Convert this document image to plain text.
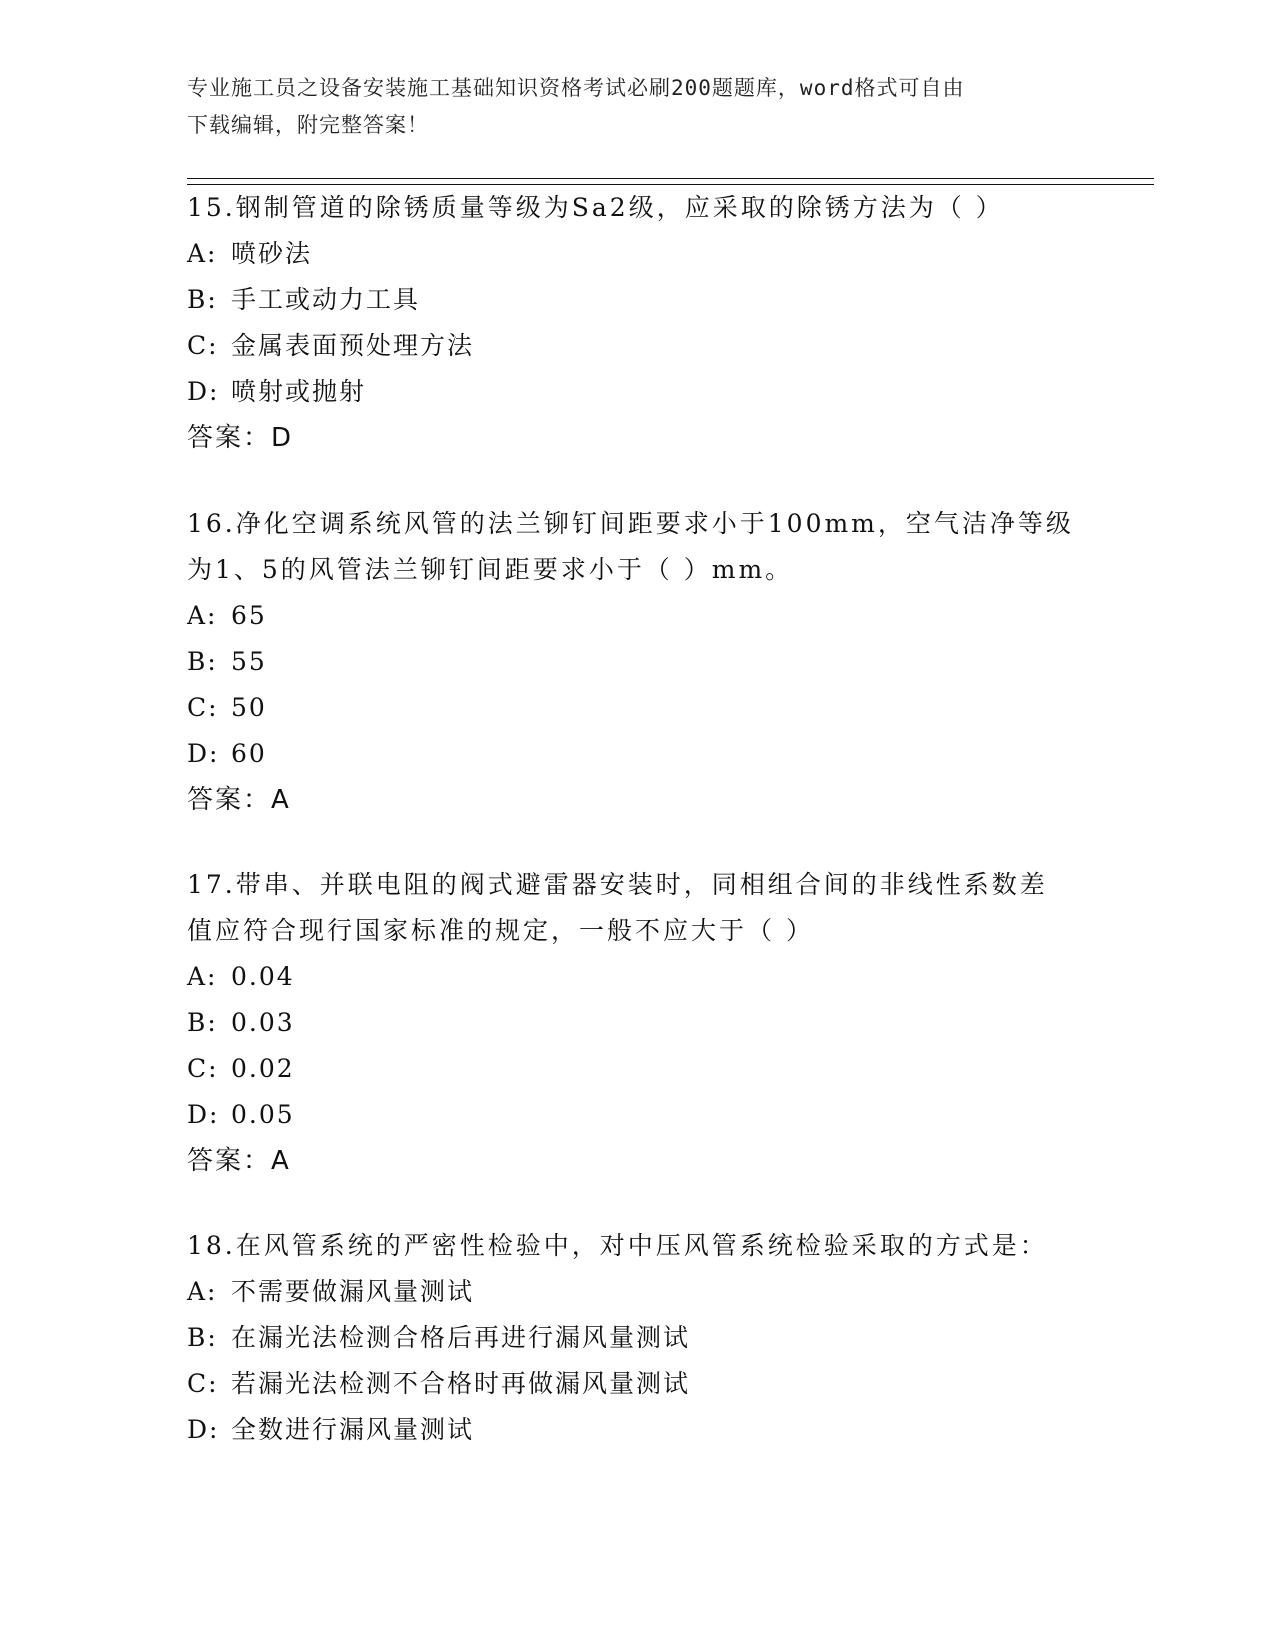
专业施工员之设备安装施工基础知识资格考试必刷200题题库，word格式可自由
下载编辑，附完整答案！
15.钢制管道的除锈质量等级为Sa2级，应采取的除锈方法为（ ）
A: 喷砂法
B: 手工或动力工具
C: 金属表面预处理方法
D: 喷射或抛射
答案：D
16.净化空调系统风管的法兰铆钉间距要求小于100mm，空气洁净等级
为1、5的风管法兰铆钉间距要求小于（ ）mm。
A: 65
B: 55
C: 50
D: 60
答案：A
17.带串、并联电阻的阀式避雷器安装时，同相组合间的非线性系数差
值应符合现行国家标准的规定，一般不应大于（ ）
A: 0.04
B: 0.03
C: 0.02
D: 0.05
答案：A
18.在风管系统的严密性检验中，对中压风管系统检验采取的方式是：
A: 不需要做漏风量测试
B: 在漏光法检测合格后再进行漏风量测试
C: 若漏光法检测不合格时再做漏风量测试
D: 全数进行漏风量测试
